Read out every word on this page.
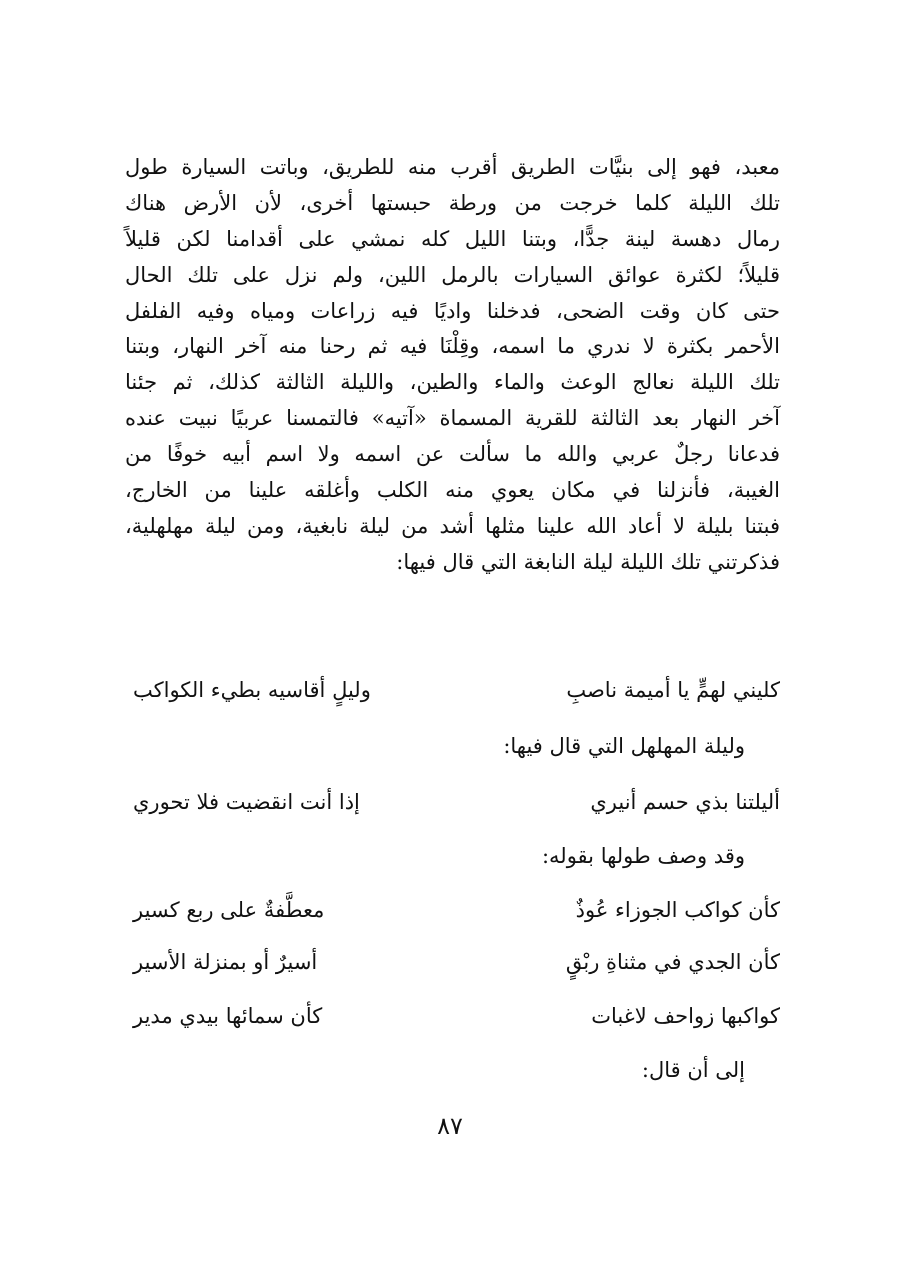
معبد، فهو إلى بنيَّات الطريق أقرب منه للطريق، وباتت السيارة طول
تلك الليلة كلما خرجت من ورطة حبستها أخرى، لأن الأرض هناك
رمال دهسة لينة جدًّا، وبتنا الليل كله نمشي على أقدامنا لكن قليلاً
قليلاً؛ لكثرة عوائق السيارات بالرمل اللين، ولم نزل على تلك الحال
حتى كان وقت الضحى، فدخلنا واديًا فيه زراعات ومياه وفيه الفلفل
الأحمر بكثرة لا ندري ما اسمه، وقِلْنَا فيه ثم رحنا منه آخر النهار، وبتنا
تلك الليلة نعالج الوعث والماء والطين، والليلة الثالثة كذلك، ثم جئنا
آخر النهار بعد الثالثة للقرية المسماة «آتيه» فالتمسنا عربيًا نبيت عنده
فدعانا رجلٌ عربي والله ما سألت عن اسمه ولا اسم أبيه خوفًا من
الغيبة، فأنزلنا في مكان يعوي منه الكلب وأغلقه علينا من الخارج،
فبتنا بليلة لا أعاد الله علينا مثلها أشد من ليلة نابغية، ومن ليلة مهلهلية،
فذكرتني تلك الليلة ليلة النابغة التي قال فيها:
كليني لهمٍّ يا أميمة ناصبِ
وليلٍ أقاسيه بطيء الكواكب
وليلة المهلهل التي قال فيها:
أليلتنا بذي حسم أنيري
إذا أنت انقضيت فلا تحوري
وقد وصف طولها بقوله:
كأن كواكب الجوزاء عُوذٌ
معطَّفةٌ على ربع كسير
كأن الجدي في مثناةِ ربْقٍ
أسيرٌ أو بمنزلة الأسير
كواكبها زواحف لاغبات
كأن سمائها بيدي مدير
إلى أن قال:
٨٧
